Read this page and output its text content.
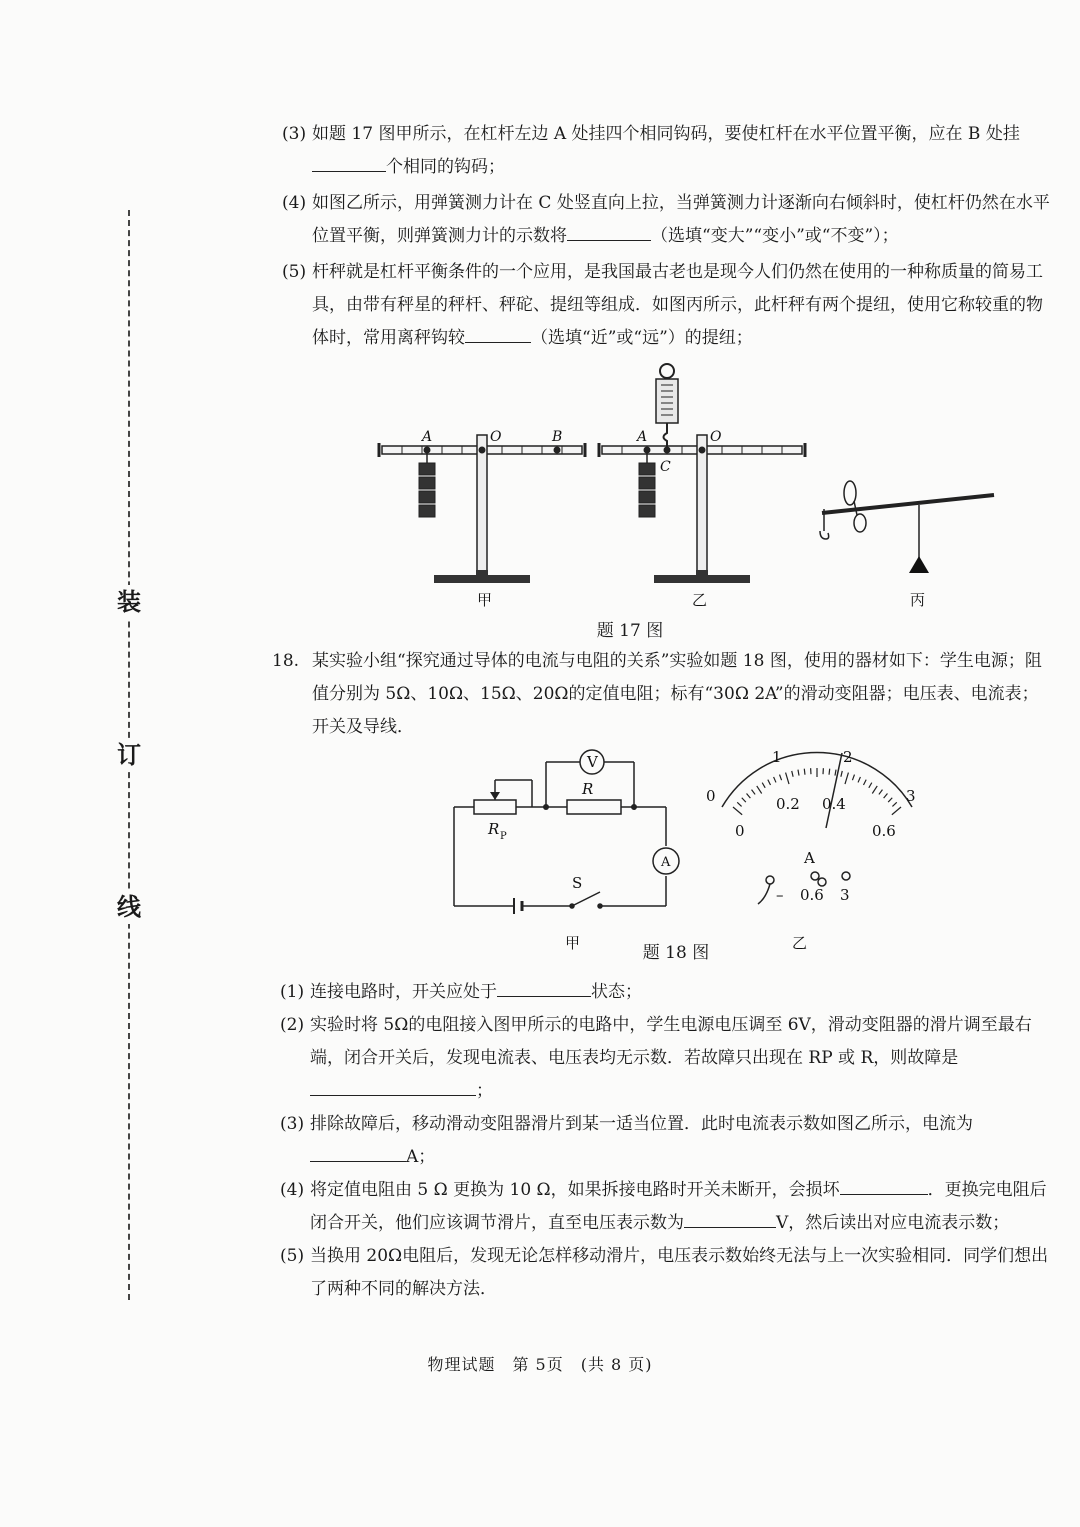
装
订
线
(3) 如题 17 图甲所示，在杠杆左边 A 处挂四个相同钩码，要使杠杆在水平位置平衡，应在 B 处挂个相同的钩码；
(4) 如图乙所示，用弹簧测力计在 C 处竖直向上拉，当弹簧测力计逐渐向右倾斜时，使杠杆仍然在水平位置平衡，则弹簧测力计的示数将	（选填“变大”“变小”或“不变”）；
(5) 杆秤就是杠杆平衡条件的一个应用，是我国最古老也是现今人们仍然在使用的一种称质量的简易工具，由带有秤星的秤杆、秤砣、提纽等组成．如图丙所示，此杆秤有两个提纽，使用它称较重的物体时，常用离秤钩较	（选填“近”或“远”）的提纽；
A	O	B	A	O
C
甲	乙	丙
题 17 图
18. 某实验小组“探究通过导体的电流与电阻的关系”实验如题 18 图，使用的器材如下：学生电源；阻值分别为 5Ω、10Ω、15Ω、20Ω的定值电阻；标有“30Ω 2A”的滑动变阻器；电压表、电流表；开关及导线．
V
R
R P
A
S
甲	乙
0
1	2
3
0
0.2 0.4
0.6
A
– 0.6 3
题 18 图
(1) 连接电路时，开关应处于	状态；
(2) 实验时将 5Ω的电阻接入图甲所示的电路中，学生电源电压调至 6V，滑动变阻器的滑片调至最右端，闭合开关后，发现电流表、电压表均无示数．若故障只出现在 RP 或 R，则故障是；
(3) 排除故障后，移动滑动变阻器滑片到某一适当位置．此时电流表示数如图乙所示，电流为A；
(4) 将定值电阻由 5 Ω 更换为 10 Ω，如果拆接电路时开关未断开，会损坏	．更换完电阻后闭合开关，他们应该调节滑片，直至电压表示数为	V，然后读出对应电流表示数；
(5) 当换用 20Ω电阻后，发现无论怎样移动滑片，电压表示数始终无法与上一次实验相同．同学们想出了两种不同的解决方法．
物理试题　第 5页　(共 8 页)
